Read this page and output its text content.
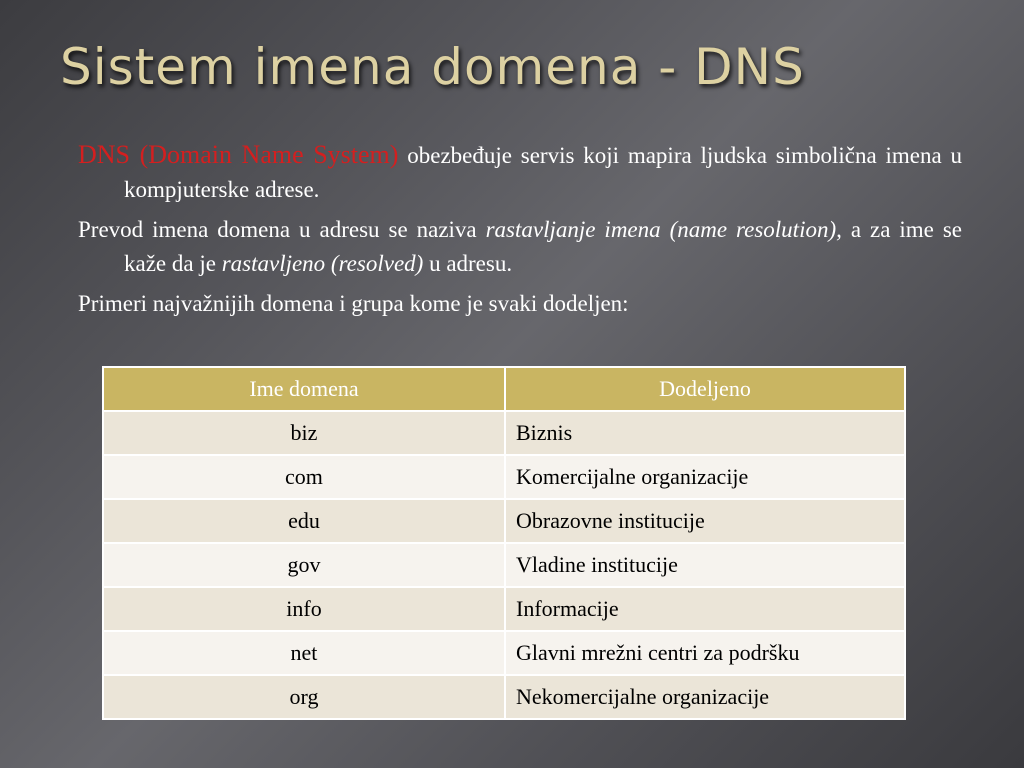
Sistem imena domena - DNS

DNS (Domain Name System) obezbeđuje servis koji mapira ljudska simbolična imena u kompjuterske adrese.

Prevod imena domena u adresu se naziva rastavljanje imena (name resolution), a za ime se kaže da je rastavljeno (resolved) u adresu.

Primeri najvažnijih domena i grupa kome je svaki dodeljen:

Ime domena	Dodeljeno
biz	Biznis
com	Komercijalne organizacije
edu	Obrazovne institucije
gov	Vladine institucije
info	Informacije
net	Glavni mrežni centri za podršku
org	Nekomercijalne organizacije
